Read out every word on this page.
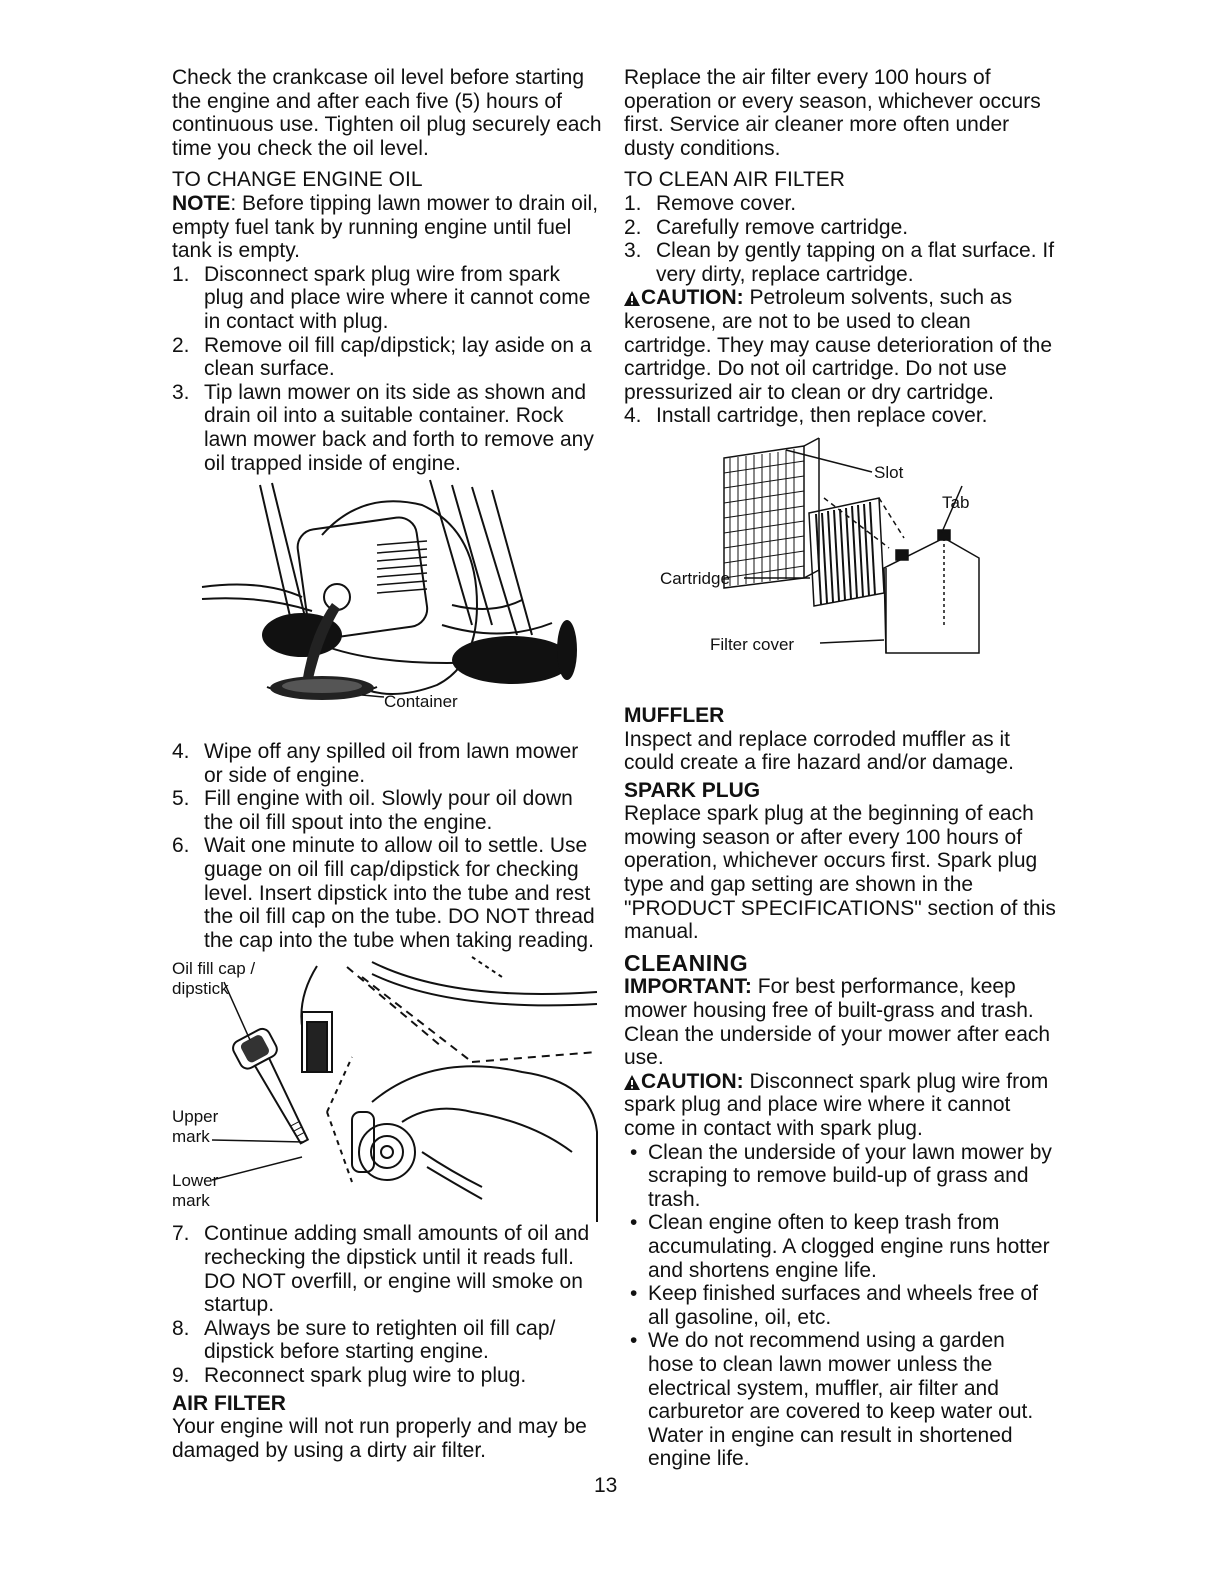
Check the crankcase oil level before starting the engine and after each five (5) hours of continuous use. Tighten oil plug securely each time you check the oil level.

TO CHANGE ENGINE OIL

NOTE: Before tipping lawn mower to drain oil, empty fuel tank by running engine until fuel tank is empty.

1. Disconnect spark plug wire from spark plug and place wire where it cannot come in contact with plug.
2. Remove oil fill cap/dipstick; lay aside on a clean surface.
3. Tip lawn mower on its side as shown and drain oil into a suitable container. Rock lawn mower back and forth to remove any oil trapped inside of engine.
Container
4. Wipe off any spilled oil from lawn mower or side of engine.
5. Fill engine with oil. Slowly pour oil down the oil fill spout into the engine.
6. Wait one minute to allow oil to settle. Use guage on oil fill cap/dipstick for checking level. Insert dipstick into the tube and rest the oil fill cap on the tube. DO NOT thread the cap into the tube when taking reading.
Oil fill cap /
dipstick
Upper
mark
Lower
mark
7. Continue adding small amounts of oil and rechecking the dipstick until it reads full. DO NOT overfill, or engine will smoke on startup.
8. Always be sure to retighten oil fill cap/ dipstick before starting engine.
9. Reconnect spark plug wire to plug.

AIR FILTER

Your engine will not run properly and may be damaged by using a dirty air filter.

Replace the air filter every 100 hours of operation or every season, whichever occurs first. Service air cleaner more often under dusty conditions.

TO CLEAN AIR FILTER

1. Remove cover.
2. Carefully remove cartridge.
3. Clean by gently tapping on a flat surface. If very dirty, replace cartridge.

CAUTION: Petroleum solvents, such as kerosene, are not to be used to clean cartridge. They may cause deterioration of the cartridge. Do not oil cartridge. Do not use pressurized air to clean or dry cartridge.

4. Install cartridge, then replace cover.
Slot
Tab
Cartridge
Filter cover

MUFFLER

Inspect and replace corroded muffler as it could create a fire hazard and/or damage.

SPARK PLUG

Replace spark plug at the beginning of each mowing season or after every 100 hours of operation, whichever occurs first. Spark plug type and gap setting are shown in the "PRODUCT SPECIFICATIONS" section of this manual.

CLEANING

IMPORTANT: For best performance, keep mower housing free of built-grass and trash. Clean the underside of your mower after each use.

CAUTION: Disconnect spark plug wire from spark plug and place wire where it cannot come in contact with spark plug.

• Clean the underside of your lawn mower by scraping to remove build-up of grass and trash.
• Clean engine often to keep trash from accumulating. A clogged engine runs hotter and shortens engine life.
• Keep finished surfaces and wheels free of all gasoline, oil, etc.
• We do not recommend using a garden hose to clean lawn mower unless the electrical system, muffler, air filter and carburetor are covered to keep water out. Water in engine can result in shortened engine life.
13
